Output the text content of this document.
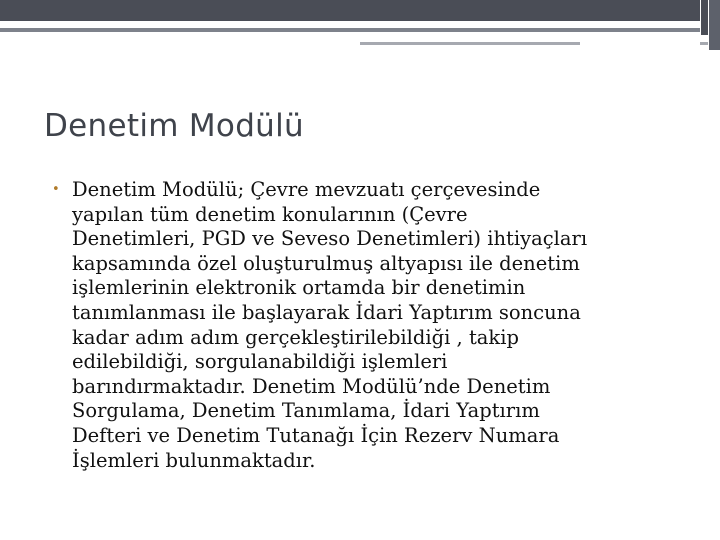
Denetim Modülü
• Denetim Modülü; Çevre mevzuatı çerçevesinde
yapılan tüm denetim konularının (Çevre
Denetimleri, PGD ve Seveso Denetimleri) ihtiyaçları
kapsamında özel oluşturulmuş altyapısı ile denetim
işlemlerinin elektronik ortamda bir denetimin
tanımlanması ile başlayarak İdari Yaptırım soncuna
kadar adım adım gerçekleştirilebildiği , takip
edilebildiği, sorgulanabildiği işlemleri
barındırmaktadır. Denetim Modülü’nde Denetim
Sorgulama, Denetim Tanımlama, İdari Yaptırım
Defteri ve Denetim Tutanağı İçin Rezerv Numara
İşlemleri bulunmaktadır.
